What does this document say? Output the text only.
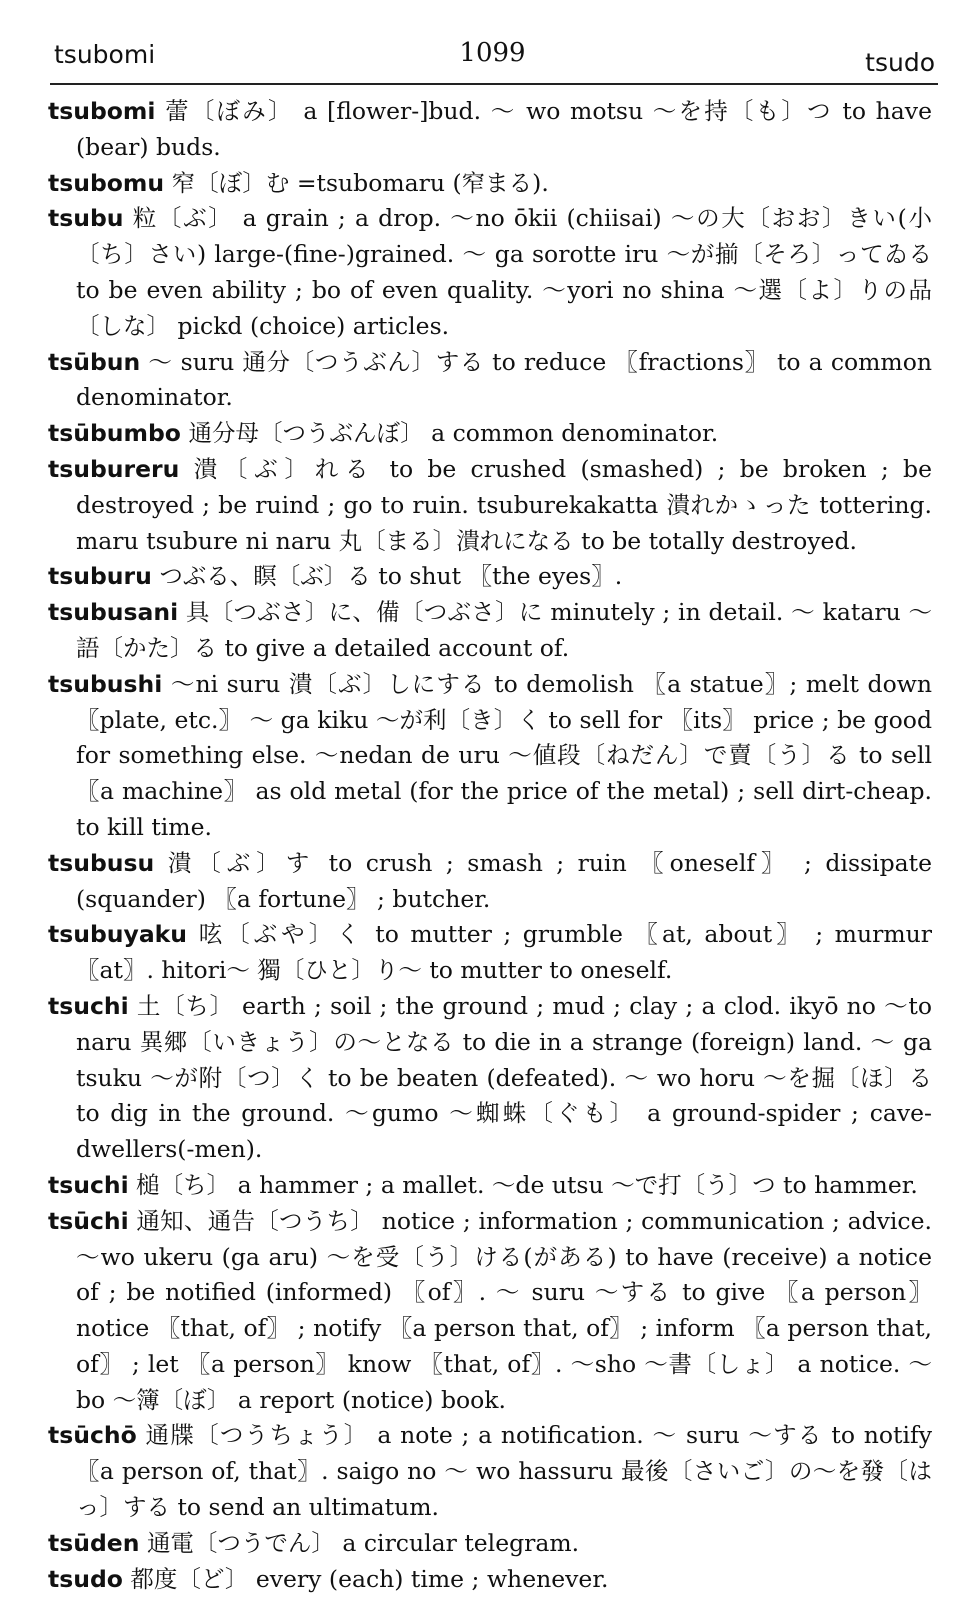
tsubomi	1099	tsudo

tsubomi 蕾〔ぼみ〕 a [flower-]bud. ～ wo motsu ～を持〔も〕つ to have (bear) buds.

tsubomu 窄〔ぼ〕む =tsubomaru (窄まる).

tsubu 粒〔ぶ〕 a grain ; a drop. ～no ōkii (chiisai) ～の大〔おお〕きい(小〔ち〕さい) large-(fine-)grained. ～ ga sorotte iru ～が揃〔そろ〕ってゐる to be even ability ; bo of even quality. ～yori no shina ～選〔よ〕りの品〔しな〕 pickd (choice) articles.

tsūbun ～ suru 通分〔つうぶん〕する to reduce 〖fractions〗 to a common denominator.

tsūbumbo 通分母〔つうぶんぼ〕 a common denominator.

tsubureru 潰〔ぶ〕れる to be crushed (smashed) ; be broken ; be destroyed ; be ruind ; go to ruin. tsuburekakatta 潰れかゝった tottering. maru tsubure ni naru 丸〔まる〕潰れになる to be totally destroyed.

tsuburu つぶる、瞑〔ぶ〕る to shut 〖the eyes〗.

tsubusani 具〔つぶさ〕に、備〔つぶさ〕に minutely ; in detail. ～ kataru ～語〔かた〕る to give a detailed account of.

tsubushi ～ni suru 潰〔ぶ〕しにする to demolish 〖a statue〗; melt down 〖plate, etc.〗 ～ ga kiku ～が利〔き〕く to sell for 〖its〗 price ; be good for something else. ～nedan de uru ～値段〔ねだん〕で賣〔う〕る to sell 〖a machine〗 as old metal (for the price of the metal) ; sell dirt-cheap. to kill time.

tsubusu 潰〔ぶ〕す to crush ; smash ; ruin 〖oneself〗 ; dissipate (squander) 〖a fortune〗 ; butcher.

tsubuyaku 呟〔ぶや〕く to mutter ; grumble 〖at, about〗 ; murmur 〖at〗. hitori～ 獨〔ひと〕り～ to mutter to oneself.

tsuchi 土〔ち〕 earth ; soil ; the ground ; mud ; clay ; a clod. ikyō no ～to naru 異郷〔いきょう〕の～となる to die in a strange (foreign) land. ～ ga tsuku ～が附〔つ〕く to be beaten (defeated). ～ wo horu ～を掘〔ほ〕る to dig in the ground. ～gumo ～蜘蛛〔ぐも〕 a ground-spider ; cave-dwellers(-men).

tsuchi 槌〔ち〕 a hammer ; a mallet. ～de utsu ～で打〔う〕つ to hammer.

tsūchi 通知、通告〔つうち〕 notice ; information ; communication ; advice. ～wo ukeru (ga aru) ～を受〔う〕ける(がある) to have (receive) a notice of ; be notified (informed) 〖of〗. ～ suru ～する to give 〖a person〗 notice 〖that, of〗 ; notify 〖a person that, of〗 ; inform 〖a person that, of〗 ; let 〖a person〗 know 〖that, of〗. ～sho ～書〔しょ〕 a notice. ～ bo ～簿〔ぼ〕 a report (notice) book.

tsūchō 通牒〔つうちょう〕 a note ; a notification. ～ suru ～する to notify 〖a person of, that〗. saigo no ～ wo hassuru 最後〔さいご〕の～を發〔はっ〕する to send an ultimatum.

tsūden 通電〔つうでん〕 a circular telegram.

tsudo 都度〔ど〕 every (each) time ; whenever.
